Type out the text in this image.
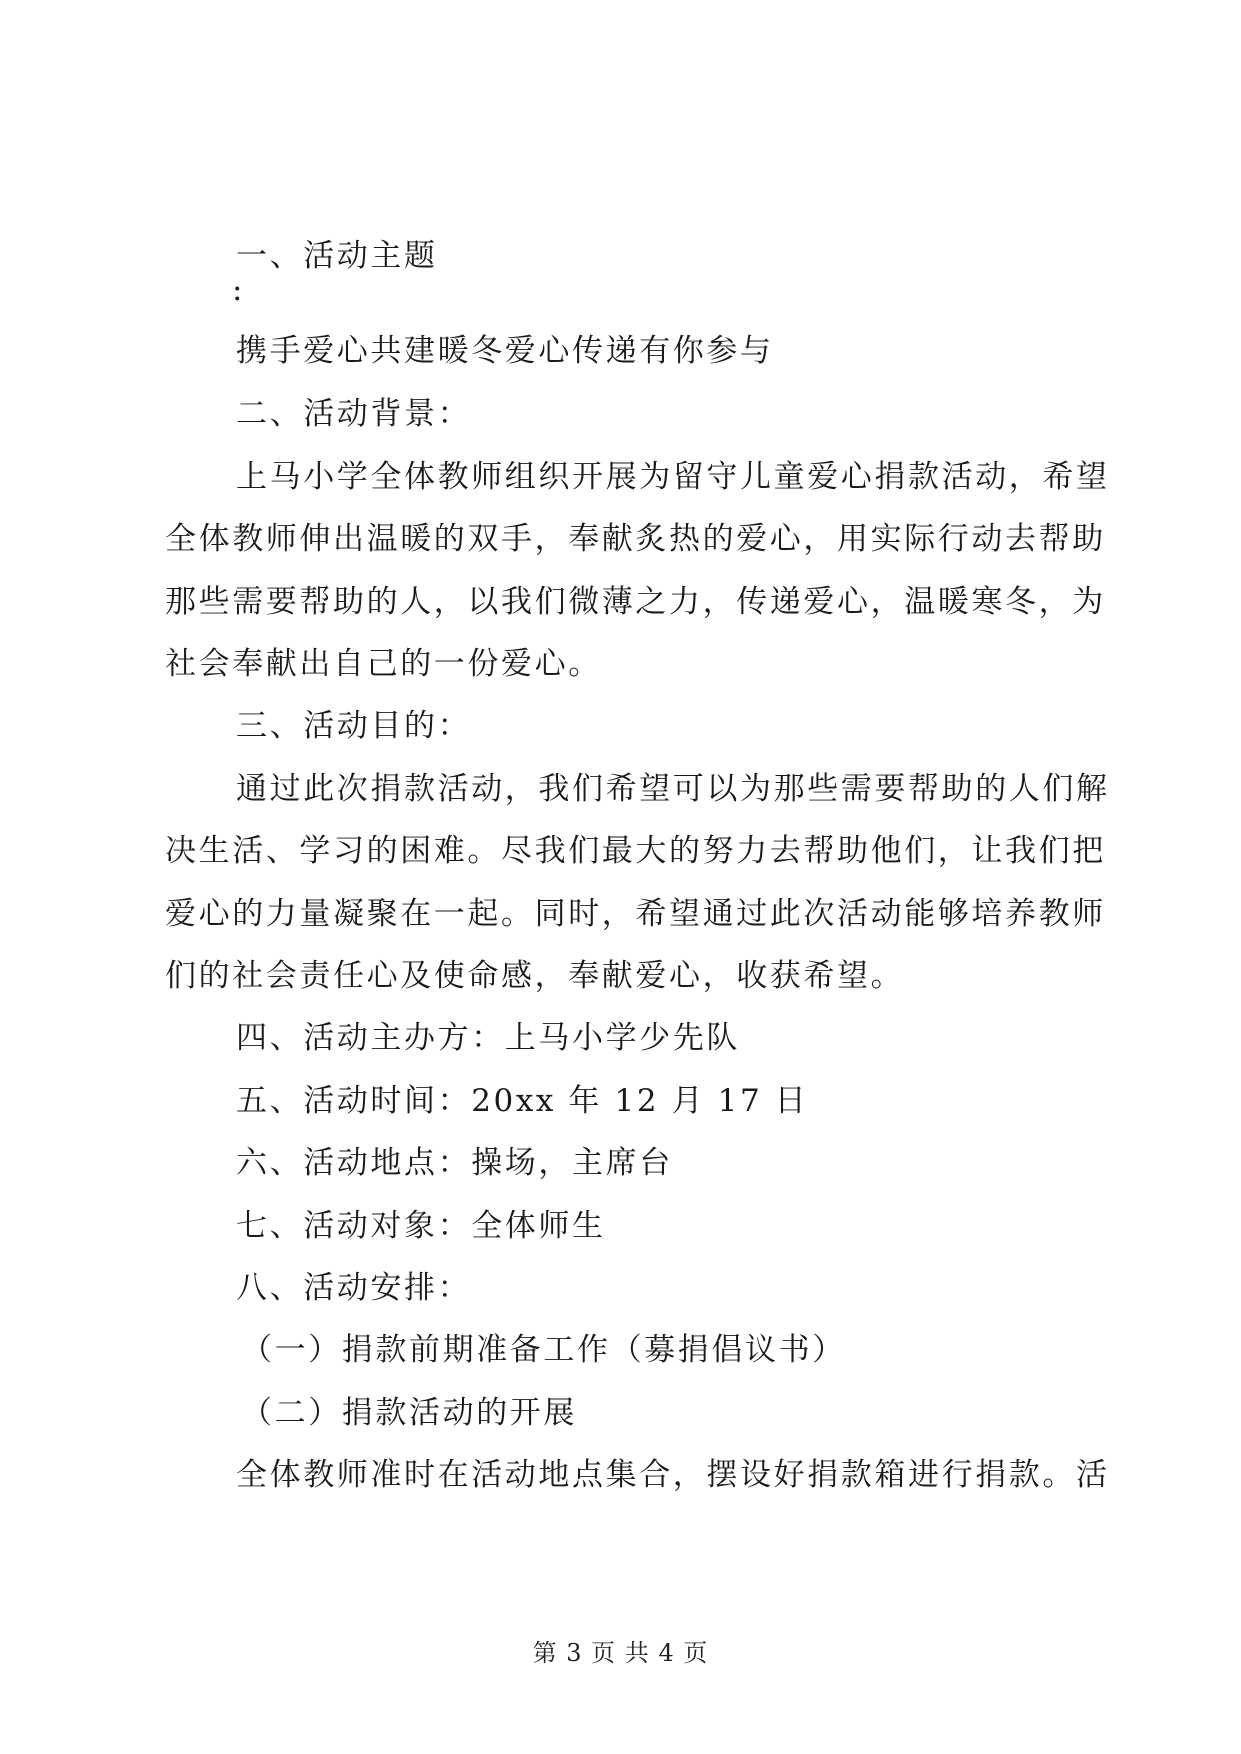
一、活动主题

:

携手爱心共建暖冬爱心传递有你参与

二、活动背景：

上马小学全体教师组织开展为留守儿童爱心捐款活动，希望

全体教师伸出温暖的双手，奉献炙热的爱心，用实际行动去帮助

那些需要帮助的人，以我们微薄之力，传递爱心，温暖寒冬，为

社会奉献出自己的一份爱心。

三、活动目的：

通过此次捐款活动，我们希望可以为那些需要帮助的人们解

决生活、学习的困难。尽我们最大的努力去帮助他们，让我们把

爱心的力量凝聚在一起。同时，希望通过此次活动能够培养教师

们的社会责任心及使命感，奉献爱心，收获希望。

四、活动主办方：上马小学少先队

五、活动时间：20xx 年 12 月 17 日

六、活动地点：操场，主席台

七、活动对象：全体师生

八、活动安排：

（一）捐款前期准备工作（募捐倡议书）

（二）捐款活动的开展

全体教师准时在活动地点集合，摆设好捐款箱进行捐款。活

第 3 页 共 4 页
